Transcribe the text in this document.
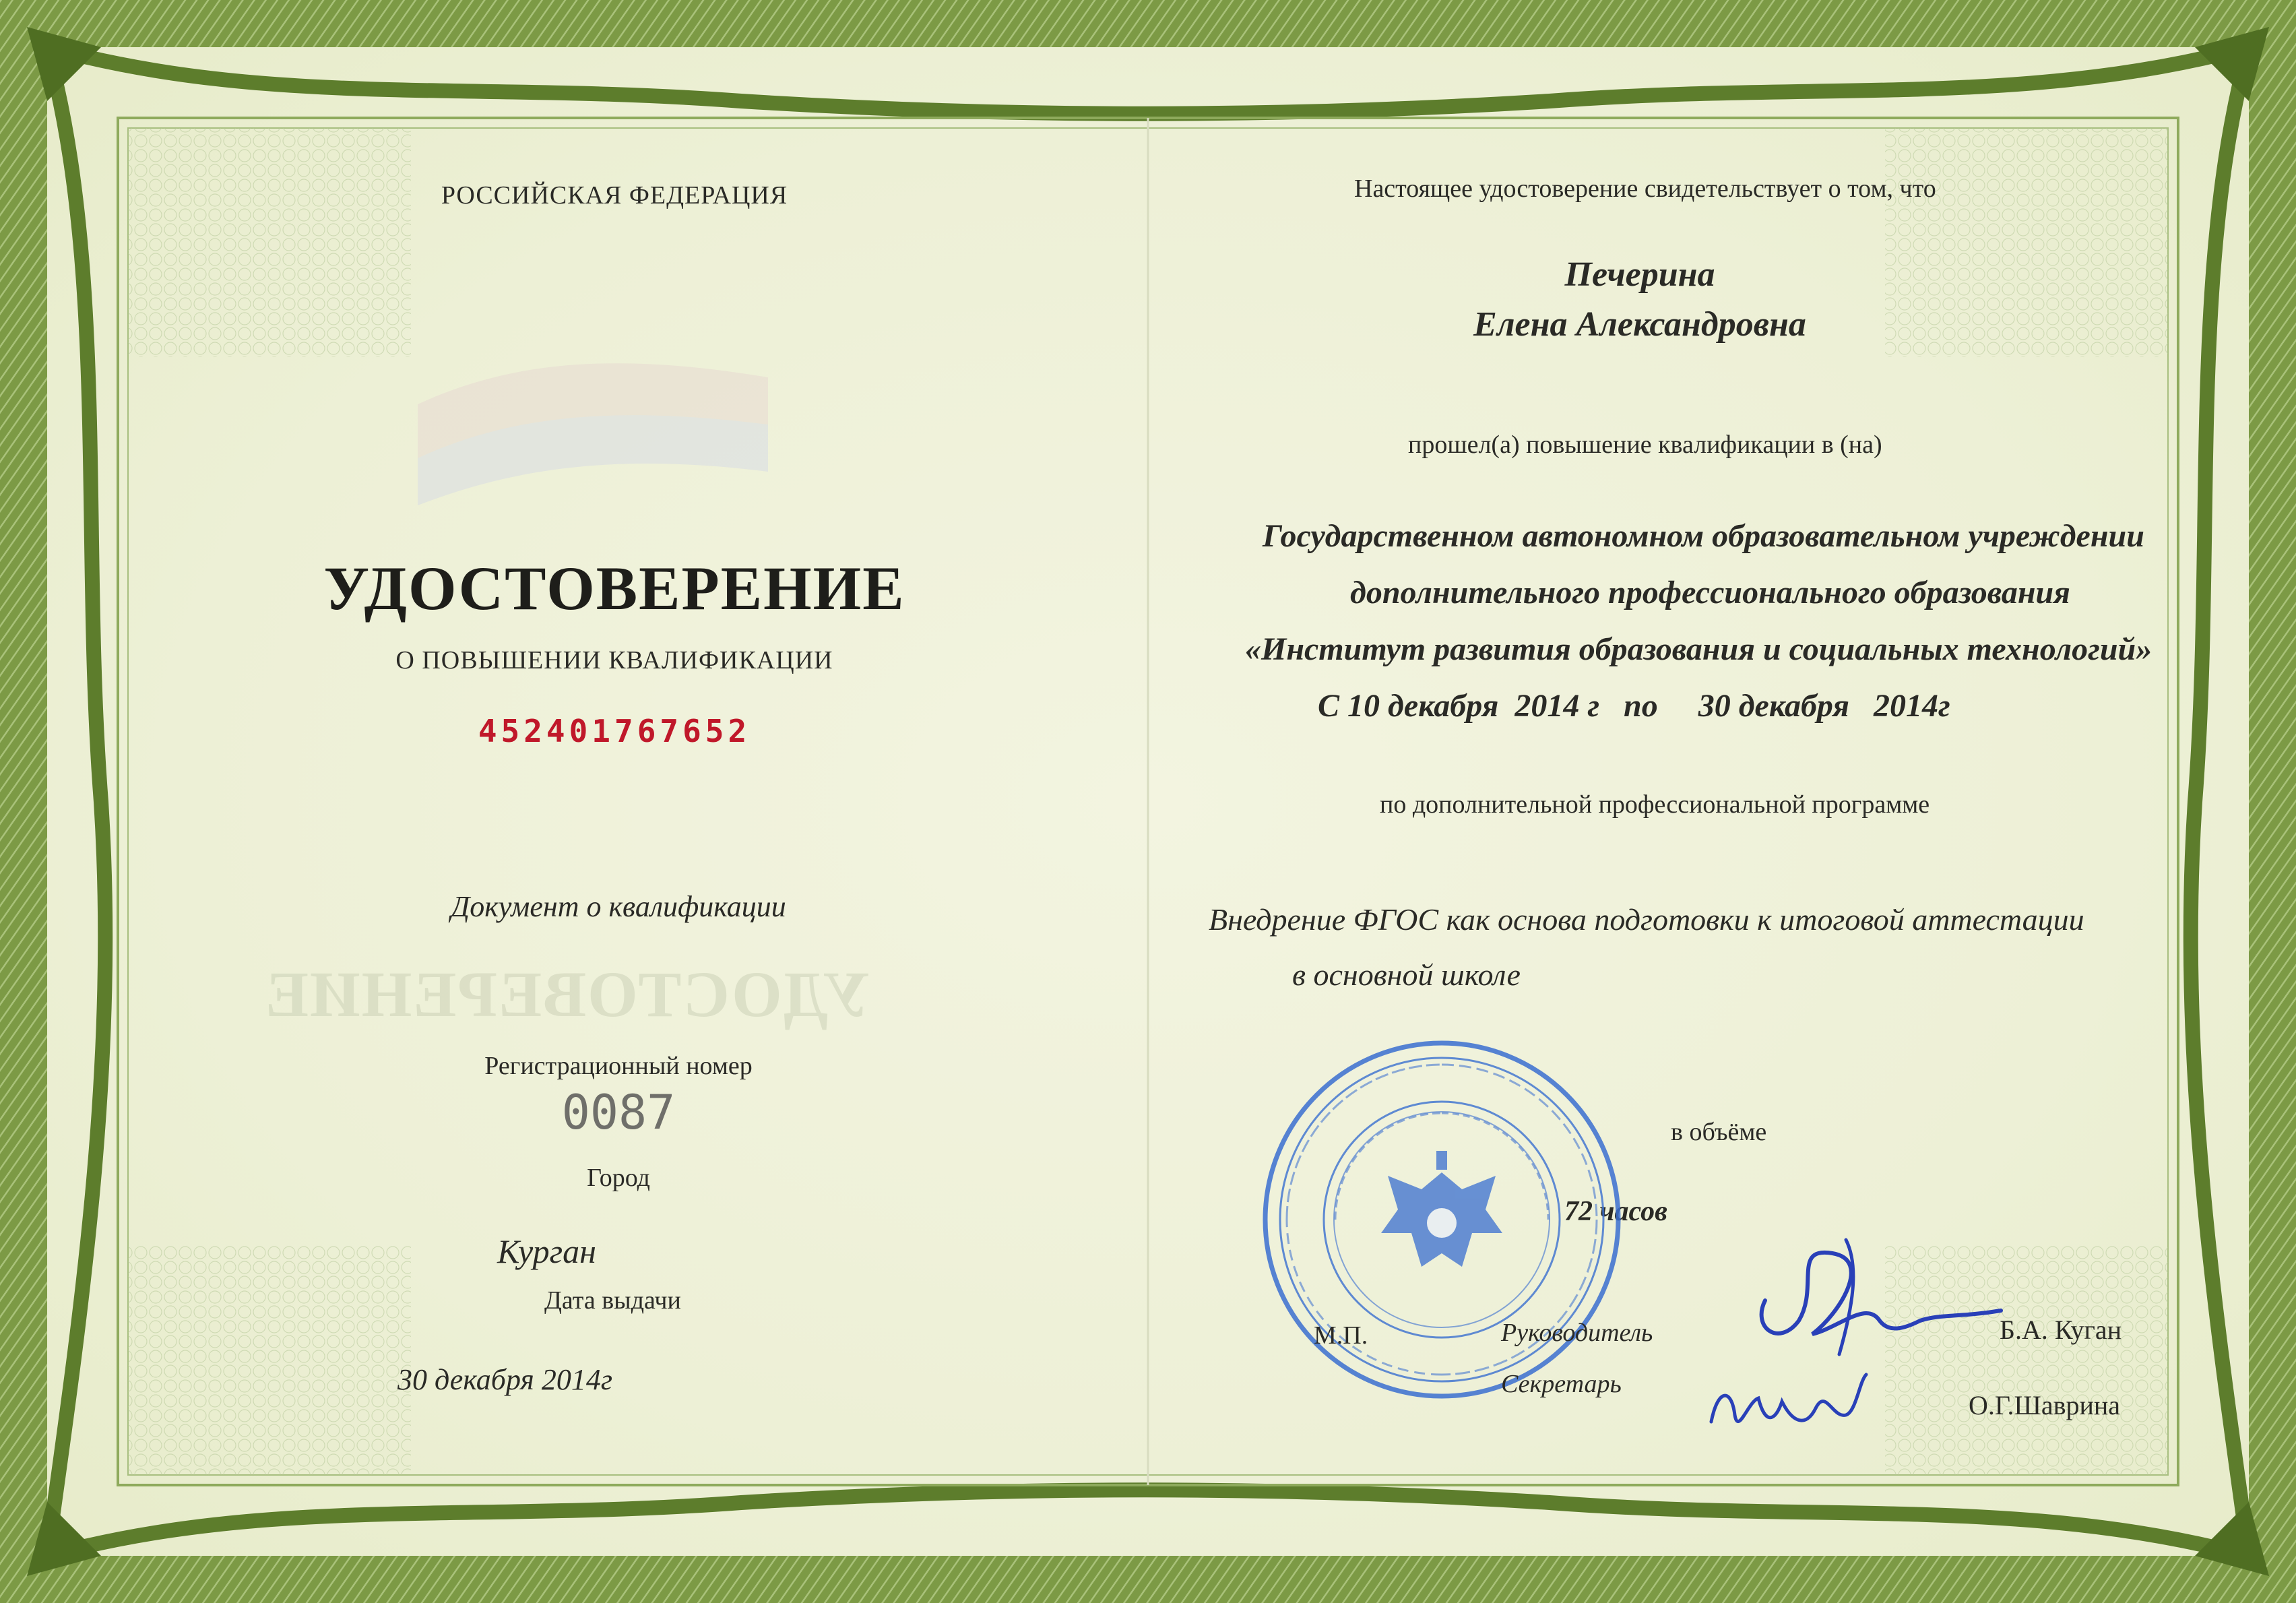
РОССИЙСКАЯ ФЕДЕРАЦИЯ
УДОСТОВЕРЕНИЕ
О ПОВЫШЕНИИ КВАЛИФИКАЦИИ
452401767652
Документ о квалификации
УДОСТОВЕРЕНИЕ
Регистрационный номер
0087
Город
Курган
Дата выдачи
30 декабря 2014г
Настоящее удостоверение свидетельствует о том, что
Печерина
Елена Александровна
прошел(а) повышение квалификации в (на)
Государственном автономном образовательном учреждении
дополнительного профессионального образования
«Институт развития образования и социальных технологий»
С 10 декабря  2014 г   по     30 декабря   2014г
по дополнительной профессиональной программе
Внедрение ФГОС как основа подготовки к итоговой аттестации
в основной школе
в объёме
72 часов
М.П.	Руководитель
Секретарь
Б.А. Куган
О.Г.Шаврина
